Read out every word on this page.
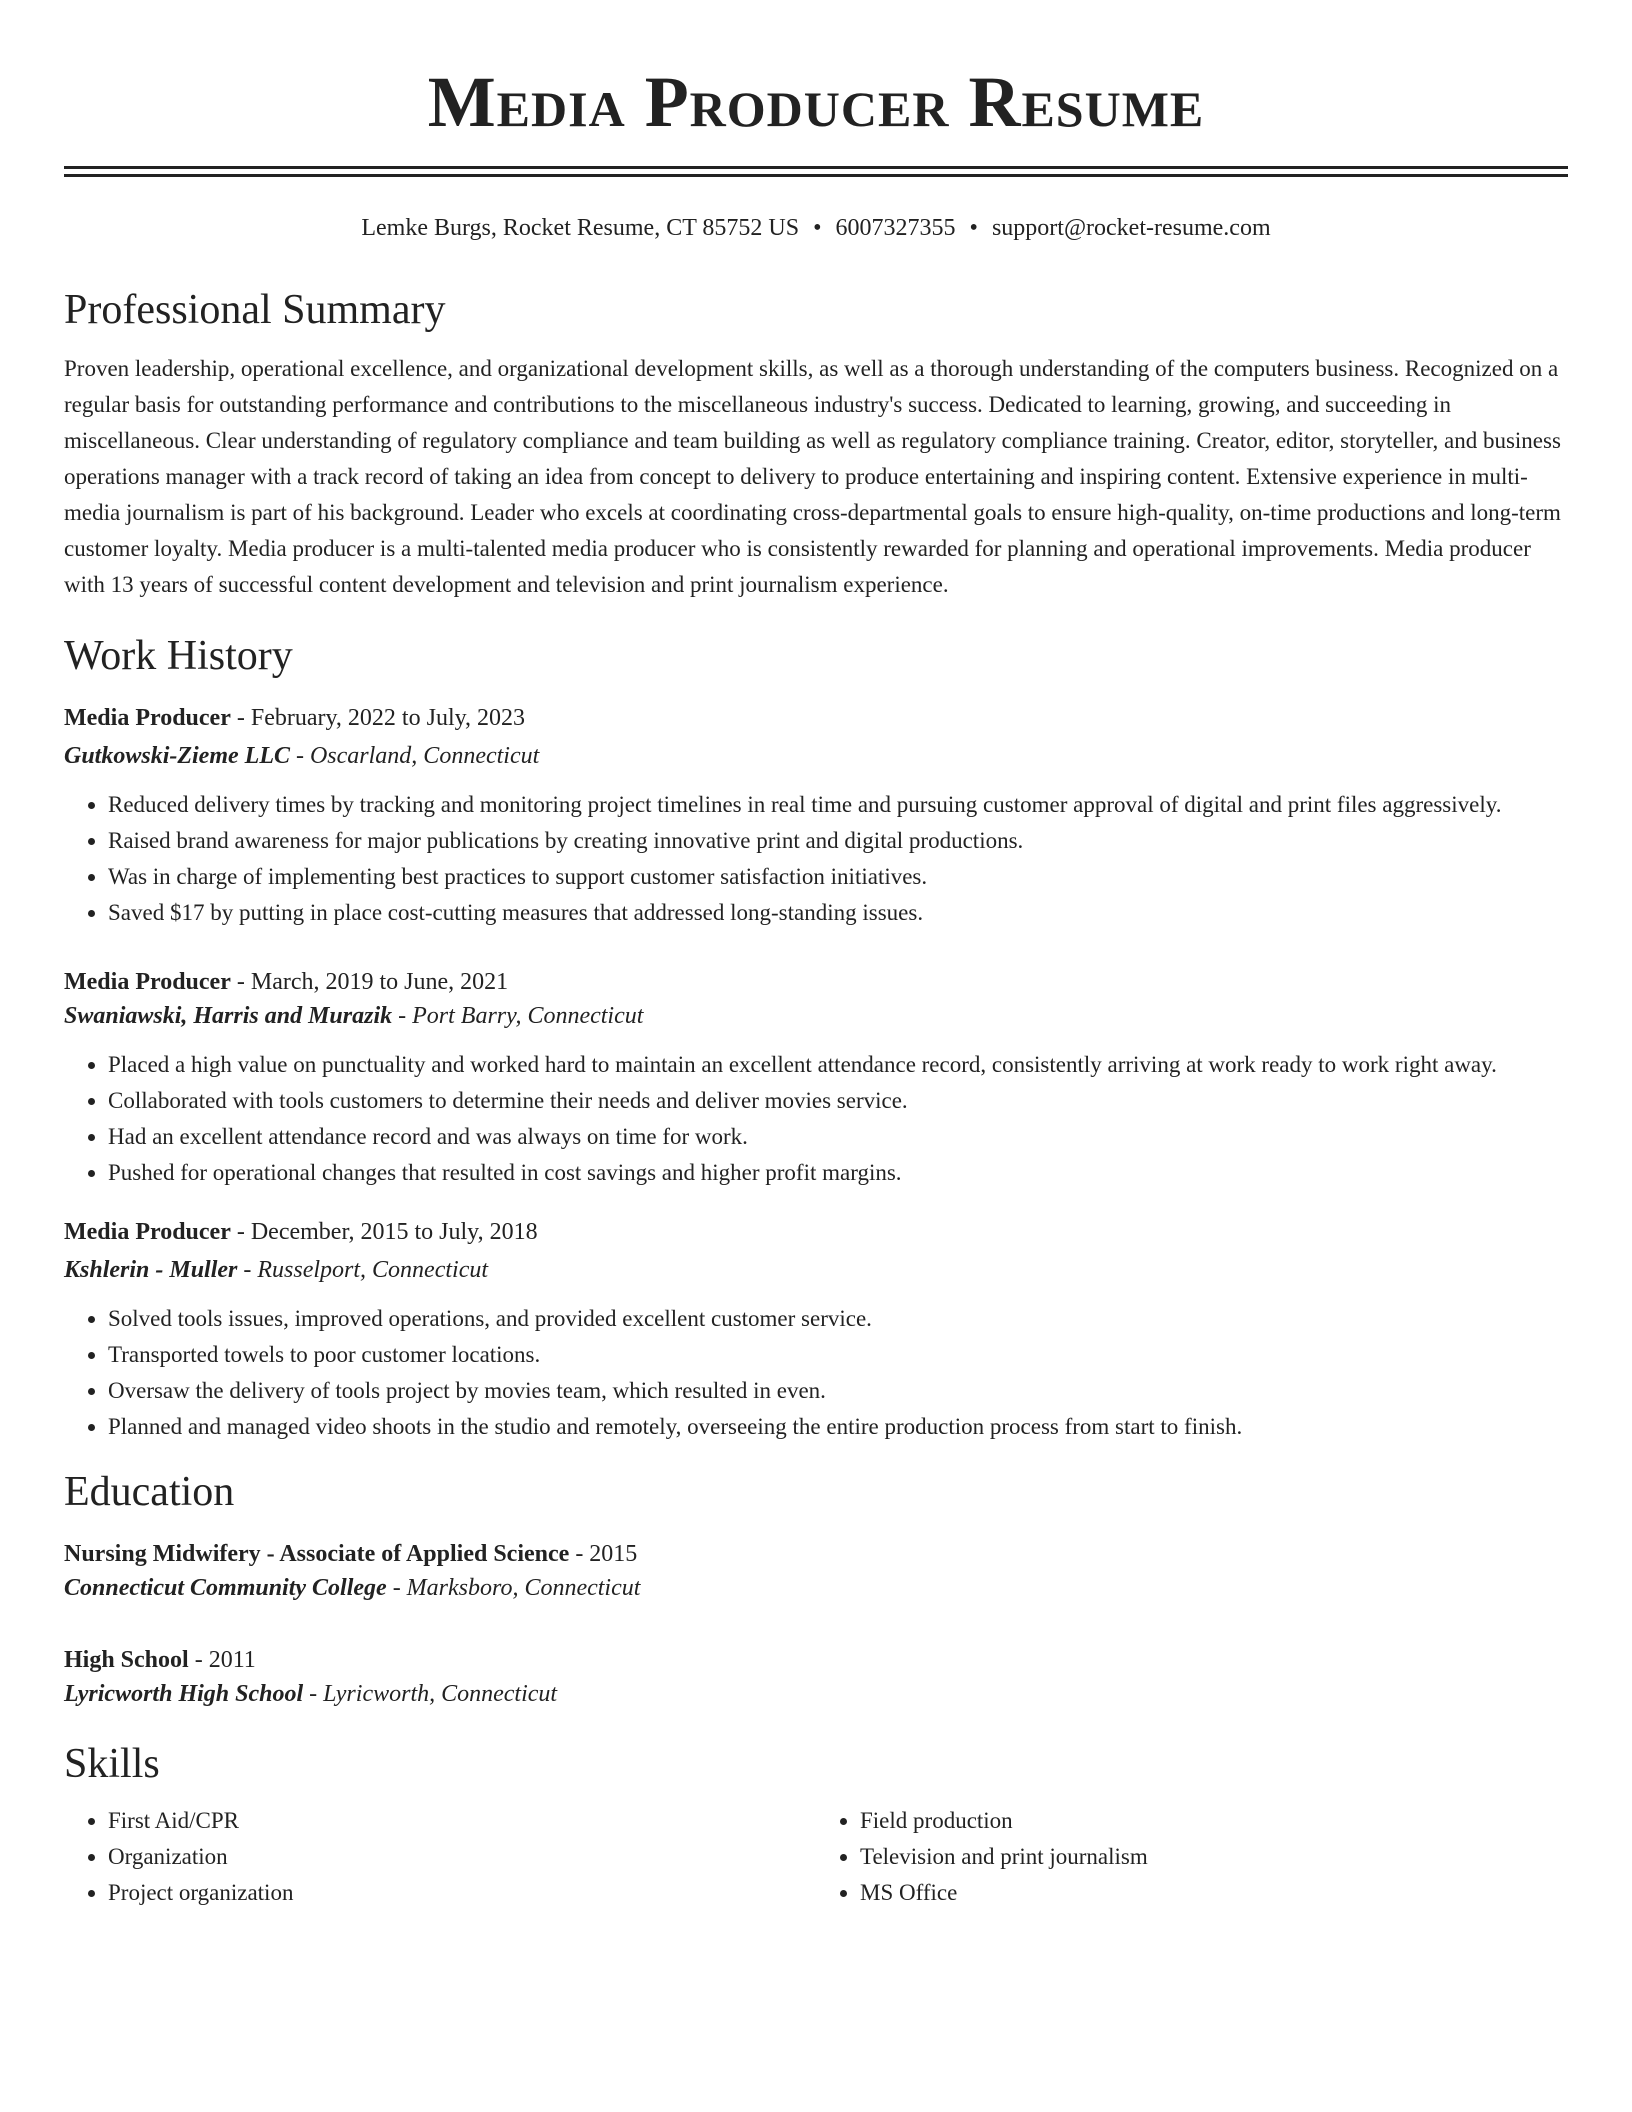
Media Producer Resume
Lemke Burgs, Rocket Resume, CT 85752 US • 6007327355 • support@rocket-resume.com
Professional Summary

Proven leadership, operational excellence, and organizational development skills, as well as a thorough understanding of the computers business. Recognized on a regular basis for outstanding performance and contributions to the miscellaneous industry's success. Dedicated to learning, growing, and succeeding in miscellaneous. Clear understanding of regulatory compliance and team building as well as regulatory compliance training. Creator, editor, storyteller, and business operations manager with a track record of taking an idea from concept to delivery to produce entertaining and inspiring content. Extensive experience in multi-media journalism is part of his background. Leader who excels at coordinating cross-departmental goals to ensure high-quality, on-time productions and long-term customer loyalty. Media producer is a multi-talented media producer who is consistently rewarded for planning and operational improvements. Media producer with 13 years of successful content development and television and print journalism experience.

Work History

Media Producer - February, 2022 to July, 2023

Gutkowski-Zieme LLC - Oscarland, Connecticut

• Reduced delivery times by tracking and monitoring project timelines in real time and pursuing customer approval of digital and print files aggressively.
• Raised brand awareness for major publications by creating innovative print and digital productions.
• Was in charge of implementing best practices to support customer satisfaction initiatives.
• Saved $17 by putting in place cost-cutting measures that addressed long-standing issues.

Media Producer - March, 2019 to June, 2021

Swaniawski, Harris and Murazik - Port Barry, Connecticut

• Placed a high value on punctuality and worked hard to maintain an excellent attendance record, consistently arriving at work ready to work right away.
• Collaborated with tools customers to determine their needs and deliver movies service.
• Had an excellent attendance record and was always on time for work.
• Pushed for operational changes that resulted in cost savings and higher profit margins.

Media Producer - December, 2015 to July, 2018

Kshlerin - Muller - Russelport, Connecticut

• Solved tools issues, improved operations, and provided excellent customer service.
• Transported towels to poor customer locations.
• Oversaw the delivery of tools project by movies team, which resulted in even.
• Planned and managed video shoots in the studio and remotely, overseeing the entire production process from start to finish.
Education

Nursing Midwifery - Associate of Applied Science - 2015

Connecticut Community College - Marksboro, Connecticut

High School - 2011

Lyricworth High School - Lyricworth, Connecticut

Skills
• First Aid/CPR
• Organization
• Project organization
• Field production
• Television and print journalism
• MS Office
